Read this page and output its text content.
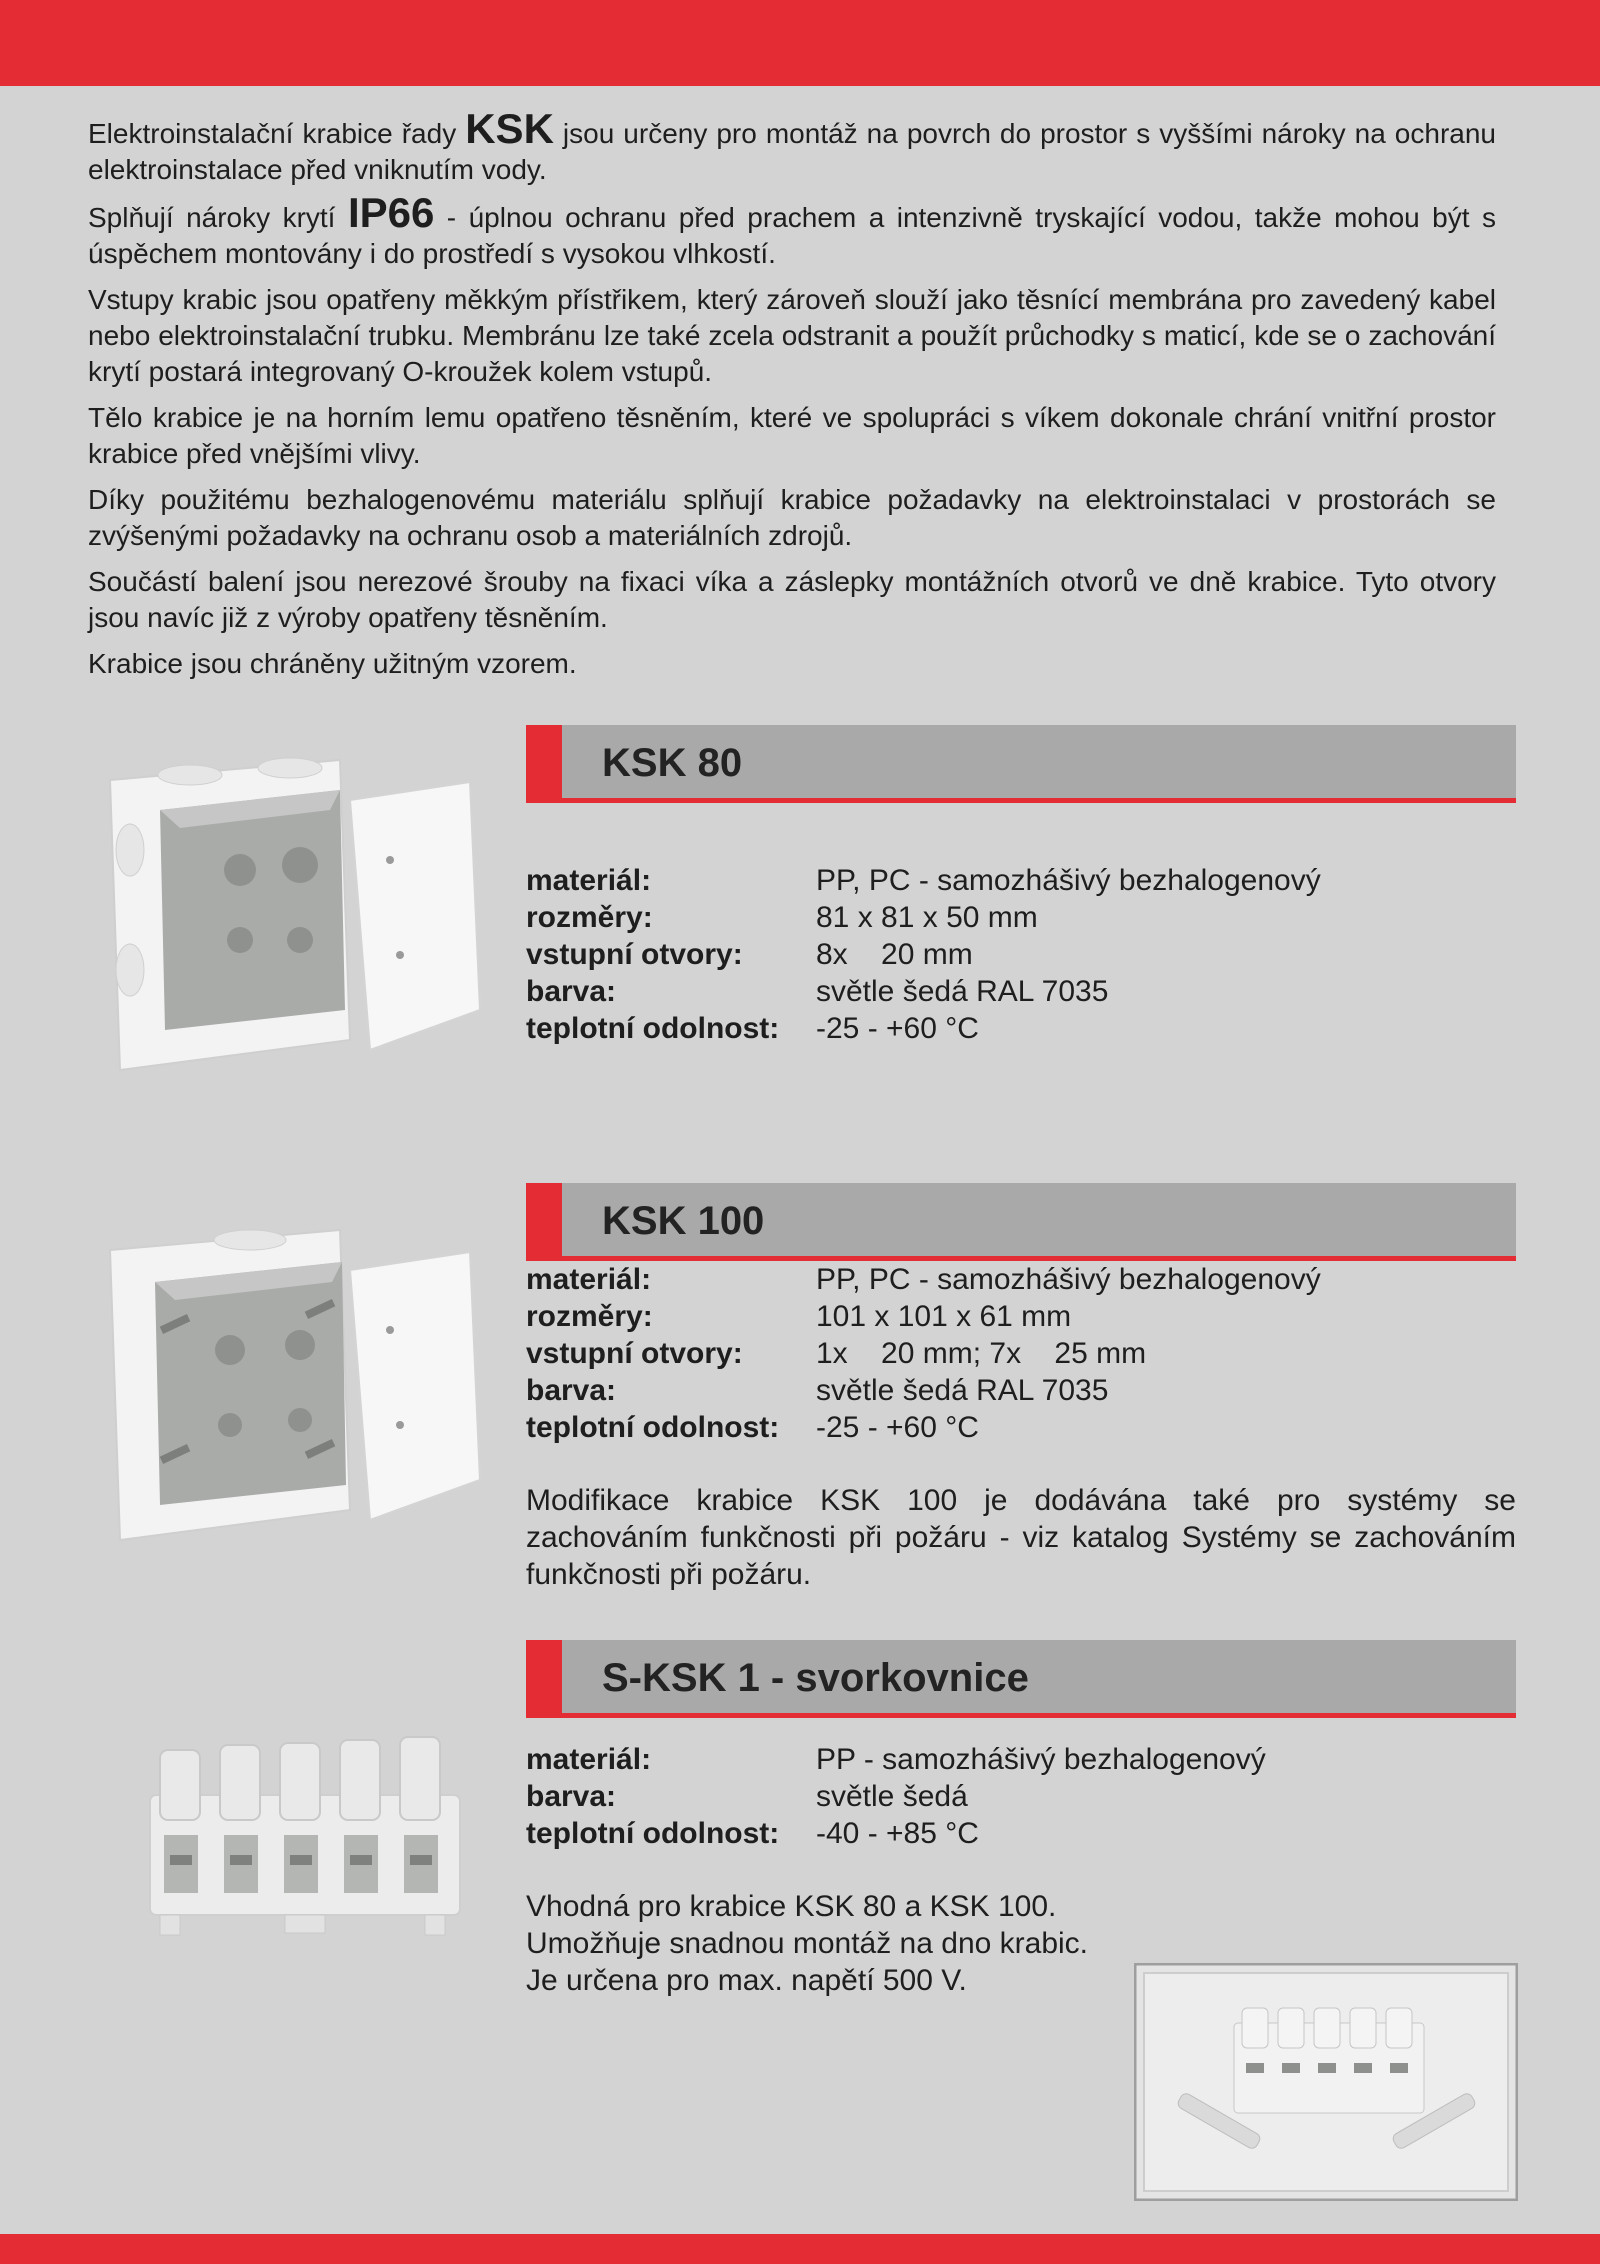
Elektroinstalační krabice řady KSK jsou určeny pro montáž na povrch do prostor s vyššími nároky na ochranu elektroinstalace před vniknutím vody.

Splňují nároky krytí IP66 - úplnou ochranu před prachem a intenzivně tryskající vodou, takže mohou být s úspěchem montovány i do prostředí s vysokou vlhkostí.

Vstupy krabic jsou opatřeny měkkým přístřikem, který zároveň slouží jako těsnící membrána pro zavedený kabel nebo elektroinstalační trubku. Membránu lze také zcela odstranit a použít průchodky s maticí, kde se o zachování krytí postará integrovaný O-kroužek kolem vstupů.

Tělo krabice je na horním lemu opatřeno těsněním, které ve spolupráci s víkem dokonale chrání vnitřní prostor krabice před vnějšími vlivy.

Díky použitému bezhalogenovému materiálu splňují krabice požadavky na elektroinstalaci v prostorách se zvýšenými požadavky na ochranu osob a materiálních zdrojů.

Součástí balení jsou nerezové šrouby na fixaci víka a záslepky montážních otvorů ve dně krabice. Tyto otvory jsou navíc již z výroby opatřeny těsněním.

Krabice jsou chráněny užitným vzorem.

KSK 80
materiál:	PP, PC - samozhášivý bezhalogenový
rozměry:	81 x 81 x 50 mm
vstupní otvory:	8x    20 mm
barva:	světle šedá RAL 7035
teplotní odolnost:	-25 - +60 °C
KSK 100
materiál:	PP, PC - samozhášivý bezhalogenový
rozměry:	101 x 101 x 61 mm
vstupní otvory:	1x    20 mm; 7x    25 mm
barva:	světle šedá RAL 7035
teplotní odolnost:	-25 - +60 °C

Modifikace krabice KSK 100 je dodávána také pro systémy se zachováním funkčnosti při požáru - viz katalog Systémy se zachováním funkčnosti při požáru.

S-KSK 1 - svorkovnice
materiál:	PP - samozhášivý bezhalogenový
barva:	světle šedá
teplotní odolnost:	-40 - +85 °C
Vhodná pro krabice KSK 80 a KSK 100.
Umožňuje snadnou montáž na dno krabic.
Je určena pro max. napětí 500 V.
